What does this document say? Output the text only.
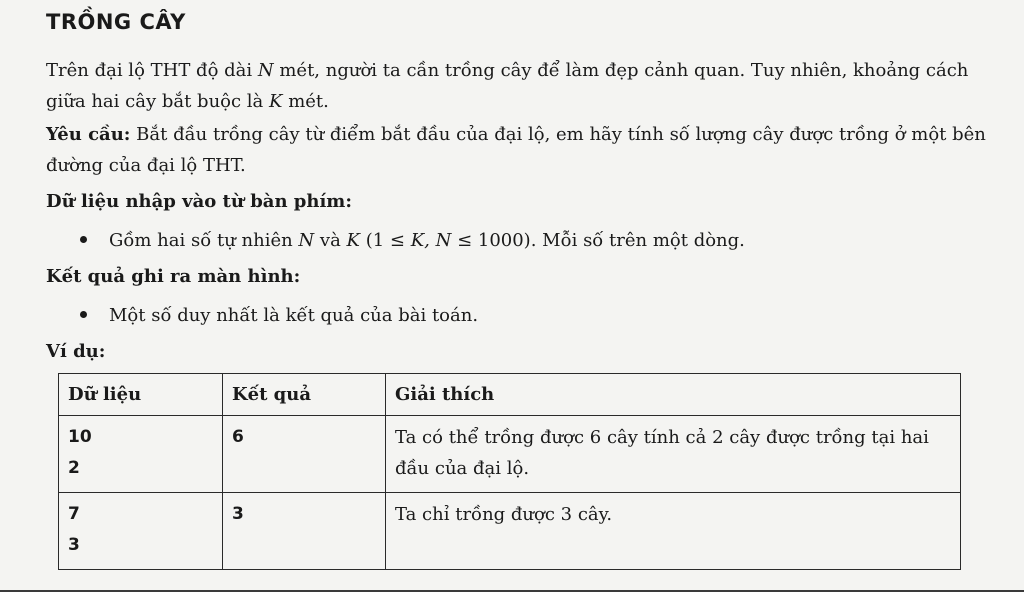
TRỒNG CÂY
Trên đại lộ THT độ dài N mét, người ta cần trồng cây để làm đẹp cảnh quan. Tuy nhiên, khoảng cách giữa hai cây bắt buộc là K mét.
Yêu cầu: Bắt đầu trồng cây từ điểm bắt đầu của đại lộ, em hãy tính số lượng cây được trồng ở một bên đường của đại lộ THT.
Dữ liệu nhập vào từ bàn phím:
Gồm hai số tự nhiên N và K (1 ≤ K, N ≤ 1000). Mỗi số trên một dòng.
Kết quả ghi ra màn hình:
Một số duy nhất là kết quả của bài toán.
Ví dụ:
Dữ liệu	Kết quả	Giải thích

10
2	6	Ta có thể trồng được 6 cây tính cả 2 cây được trồng tại hai đầu của đại lộ.

7
3	3	Ta chỉ trồng được 3 cây.
